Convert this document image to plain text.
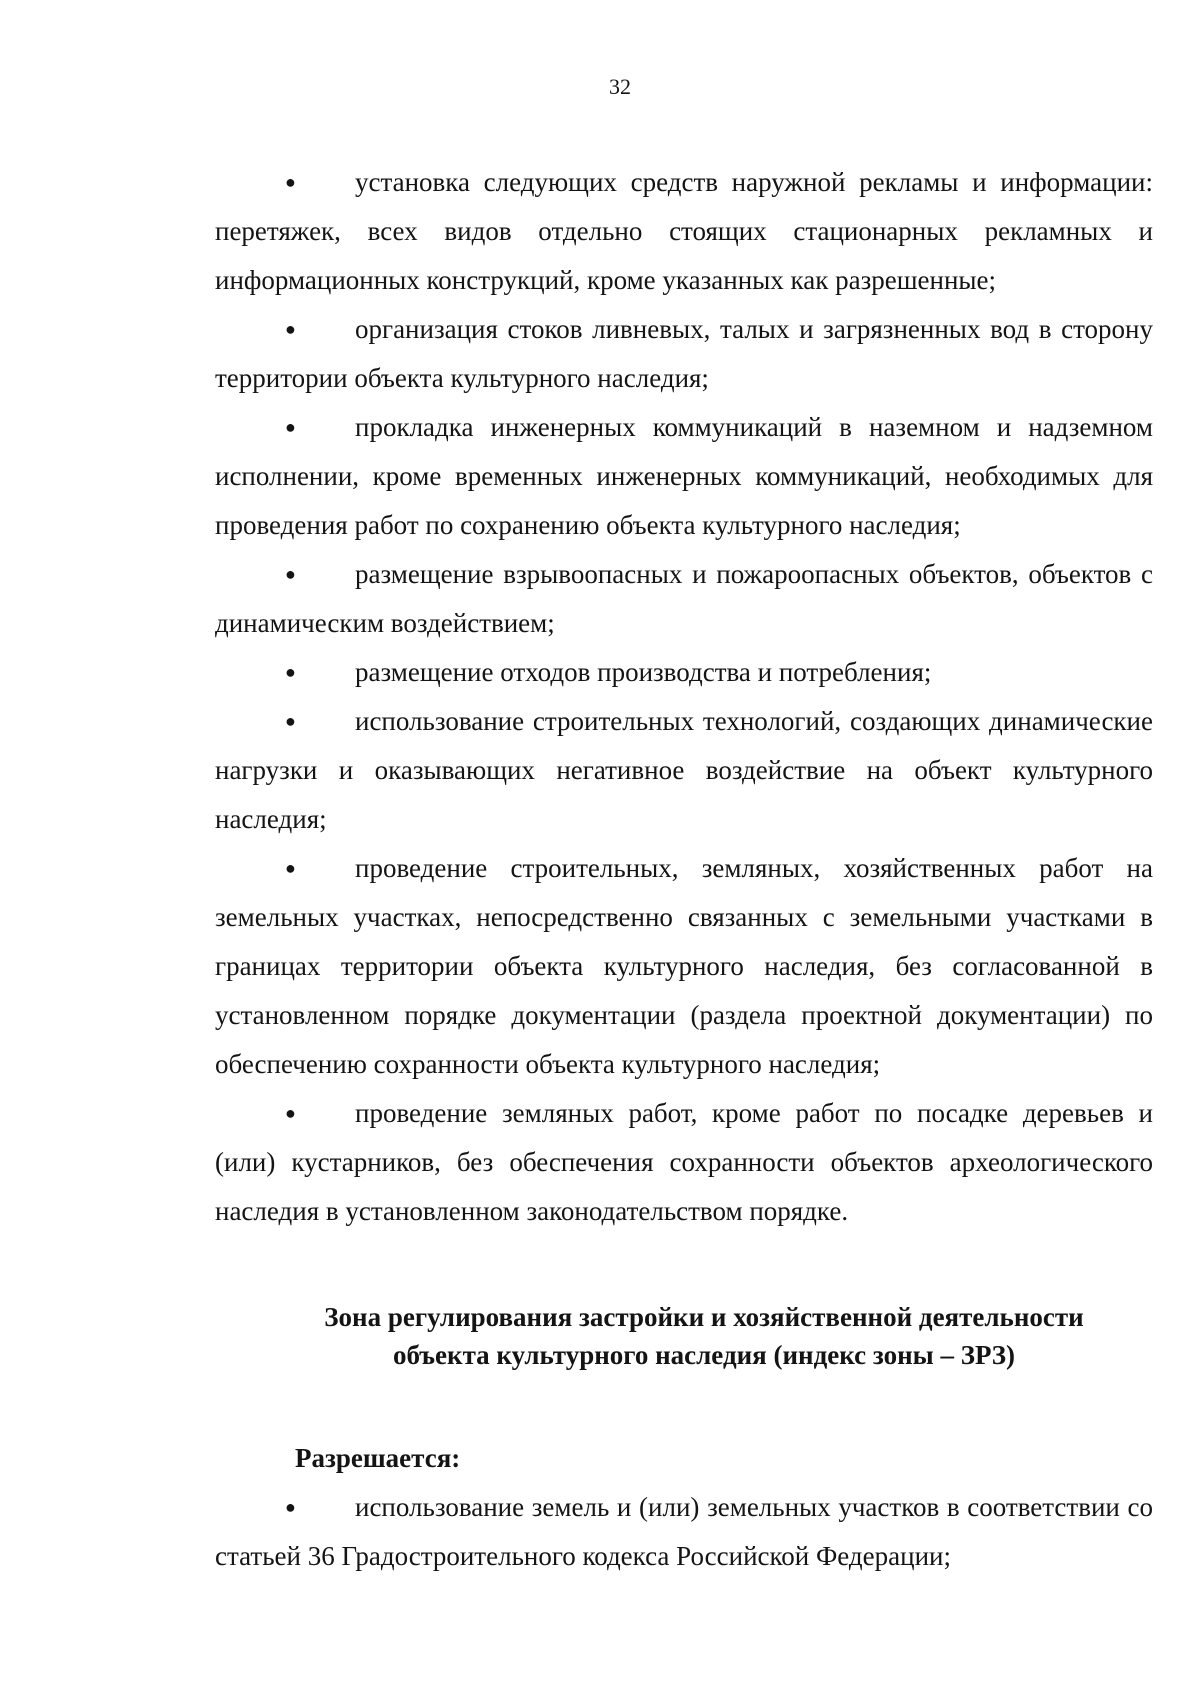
32

● установка следующих средств наружной рекламы и информации: перетяжек, всех видов отдельно стоящих стационарных рекламных и информационных конструкций, кроме указанных как разрешенные;

● организация стоков ливневых, талых и загрязненных вод в сторону территории объекта культурного наследия;

● прокладка инженерных коммуникаций в наземном и надземном исполнении, кроме временных инженерных коммуникаций, необходимых для проведения работ по сохранению объекта культурного наследия;

● размещение взрывоопасных и пожароопасных объектов, объектов с динамическим воздействием;

● размещение отходов производства и потребления;

● использование строительных технологий, создающих динамические нагрузки и оказывающих негативное воздействие на объект культурного наследия;

● проведение строительных, земляных, хозяйственных работ на земельных участках, непосредственно связанных с земельными участками в границах территории объекта культурного наследия, без согласованной в установленном порядке документации (раздела проектной документации) по обеспечению сохранности объекта культурного наследия;

● проведение земляных работ, кроме работ по посадке деревьев и (или) кустарников, без обеспечения сохранности объектов археологического наследия в установленном законодательством порядке.

Зона регулирования застройки и хозяйственной деятельности
объекта культурного наследия (индекс зоны – ЗРЗ)
Разрешается:

● использование земель и (или) земельных участков в соответствии со статьей 36 Градостроительного кодекса Российской Федерации;
